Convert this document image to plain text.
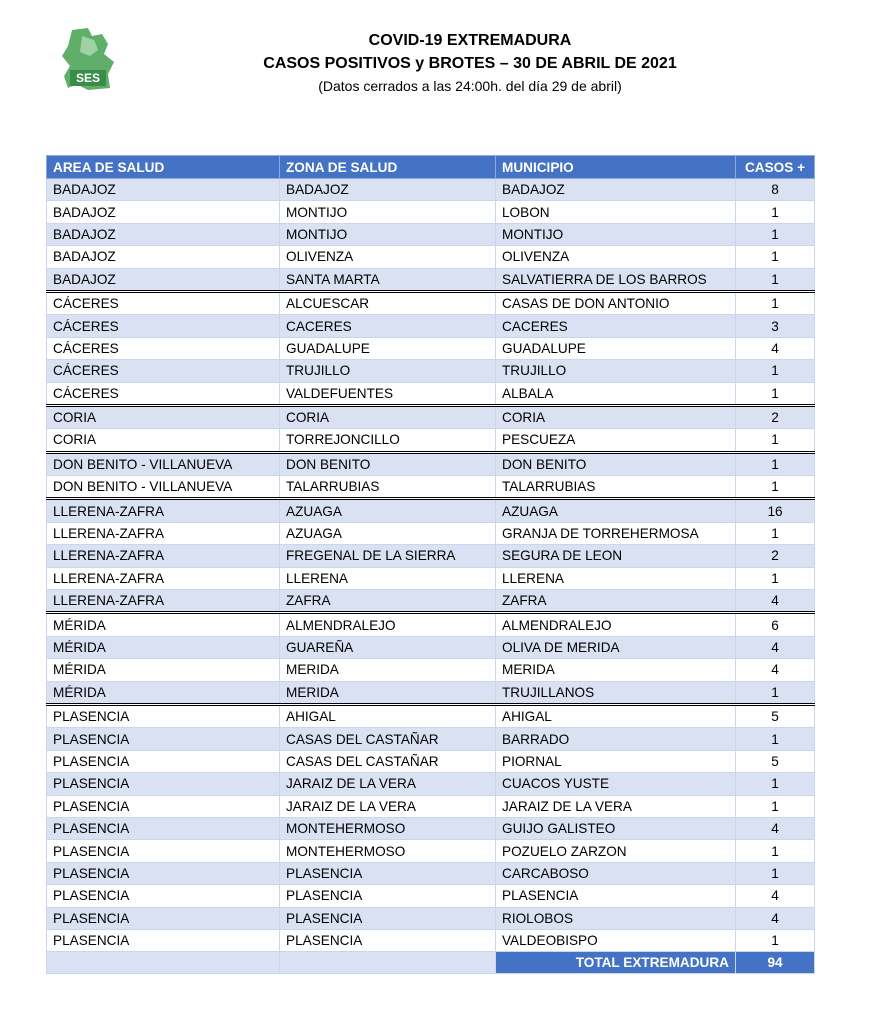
SES
COVID-19 EXTREMADURA
CASOS POSITIVOS y BROTES – 30 DE ABRIL DE 2021
(Datos cerrados a las 24:00h. del día 29 de abril)
AREA DE SALUD	ZONA DE SALUD	MUNICIPIO	CASOS +
BADAJOZ	BADAJOZ	BADAJOZ	8
BADAJOZ	MONTIJO	LOBON	1
BADAJOZ	MONTIJO	MONTIJO	1
BADAJOZ	OLIVENZA	OLIVENZA	1
BADAJOZ	SANTA MARTA	SALVATIERRA DE LOS BARROS	1
CÁCERES	ALCUESCAR	CASAS DE DON ANTONIO	1
CÁCERES	CACERES	CACERES	3
CÁCERES	GUADALUPE	GUADALUPE	4
CÁCERES	TRUJILLO	TRUJILLO	1
CÁCERES	VALDEFUENTES	ALBALA	1
CORIA	CORIA	CORIA	2
CORIA	TORREJONCILLO	PESCUEZA	1
DON BENITO - VILLANUEVA	DON BENITO	DON BENITO	1
DON BENITO - VILLANUEVA	TALARRUBIAS	TALARRUBIAS	1
LLERENA-ZAFRA	AZUAGA	AZUAGA	16
LLERENA-ZAFRA	AZUAGA	GRANJA DE TORREHERMOSA	1
LLERENA-ZAFRA	FREGENAL DE LA SIERRA	SEGURA DE LEON	2
LLERENA-ZAFRA	LLERENA	LLERENA	1
LLERENA-ZAFRA	ZAFRA	ZAFRA	4
MÉRIDA	ALMENDRALEJO	ALMENDRALEJO	6
MÉRIDA	GUAREÑA	OLIVA DE MERIDA	4
MÉRIDA	MERIDA	MERIDA	4
MÉRIDA	MERIDA	TRUJILLANOS	1
PLASENCIA	AHIGAL	AHIGAL	5
PLASENCIA	CASAS DEL CASTAÑAR	BARRADO	1
PLASENCIA	CASAS DEL CASTAÑAR	PIORNAL	5
PLASENCIA	JARAIZ DE LA VERA	CUACOS YUSTE	1
PLASENCIA	JARAIZ DE LA VERA	JARAIZ DE LA VERA	1
PLASENCIA	MONTEHERMOSO	GUIJO GALISTEO	4
PLASENCIA	MONTEHERMOSO	POZUELO ZARZON	1
PLASENCIA	PLASENCIA	CARCABOSO	1
PLASENCIA	PLASENCIA	PLASENCIA	4
PLASENCIA	PLASENCIA	RIOLOBOS	4
PLASENCIA	PLASENCIA	VALDEOBISPO	1
		TOTAL EXTREMADURA	94
